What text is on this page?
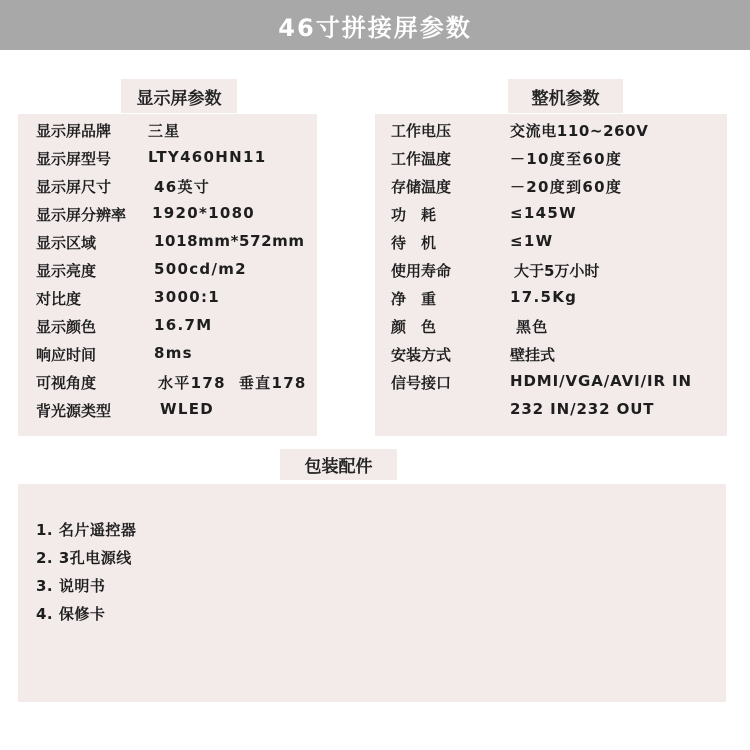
46寸拼接屏参数
显示屏参数
显示屏品牌 三星
显示屏型号 LTY460HN11
显示屏尺寸	46英寸
显示屏分辨率 1920*1080
显示区域	1018mm*572mm
显示亮度	500cd/m2
对比度	3000:1
显示颜色	16.7M
响应时间	8ms
可视角度	水平178  垂直178
背光源类型	WLED
整机参数
工作电压	交流电110~260V
工作温度	－10度至60度
存储温度	－20度到60度
功　耗	≤145W
待　机	≤1W
使用寿命	大于5万小时
净　重	17.5Kg
颜　色	黑色
安装方式	壁挂式
信号接口	HDMI/VGA/AVI/IR IN
232 IN/232 OUT
包装配件
1. 名片遥控器
2. 3孔电源线
3. 说明书
4. 保修卡
